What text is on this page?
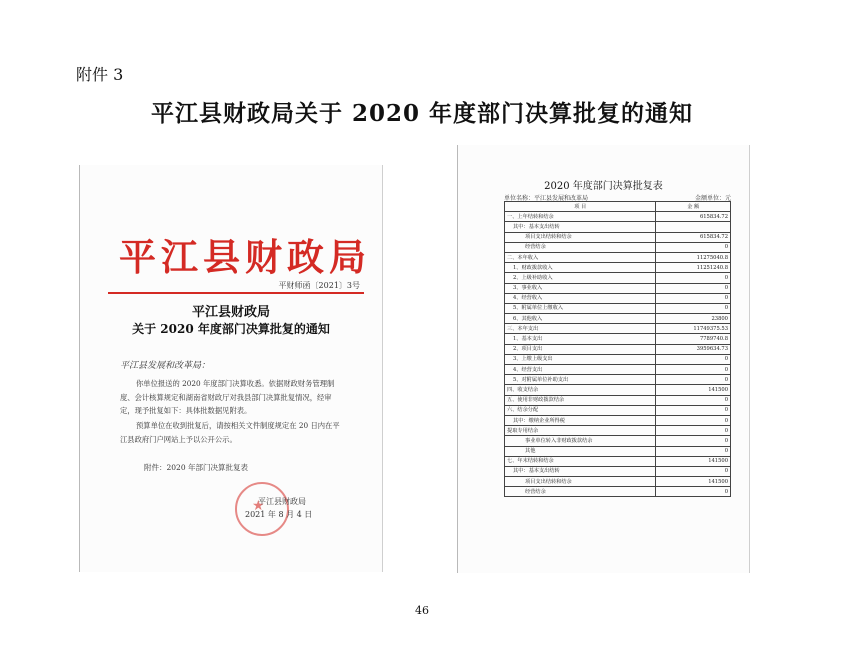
附件 3
平江县财政局关于 2020 年度部门决算批复的通知
平江县财政局
平财师函〔2021〕3号
平江县财政局
关于 2020 年度部门决算批复的通知
平江县发展和改革局：
你单位报送的 2020 年度部门决算收悉。依据财政财务管理制度、会计核算规定和湖南省财政厅对我县部门决算批复情况，经审定，现予批复如下：具体批数据见附表。
预算单位在收到批复后，请按相关文件制度规定在 20 日内在平江县政府门户网站上予以公开公示。
附件：2020 年部门决算批复表
★
平江县财政局
2021 年 8 月 4 日
2020 年度部门决算批复表
单位名称：平江县发展和改革局	金额单位：元
项 目	金 额
一、上年结转和结余	615834.72
其中：基本支出结转	
项目支出结转和结余	615834.72
经营结余	0
二、本年收入	11275040.8
1、财政拨款收入	11251240.8
2、上级补助收入	0
3、事业收入	0
4、经营收入	0
5、附属单位上缴收入	0
6、其他收入	23800
三、本年支出	11749375.53
1、基本支出	7789740.8
2、项目支出	3959634.73
3、上缴上级支出	0
4、经营支出	0
5、对附属单位补助支出	0
四、收支结余	141500
五、使用非财政拨款结余	0
六、结余分配	0
其中：缴纳企业所得税	0
提取专用结余	0
事业单位转入非财政拨款结余	0
其他	0
七、年末结转和结余	141500
其中：基本支出结转	0
项目支出结转和结余	141500
经营结余	0
46
